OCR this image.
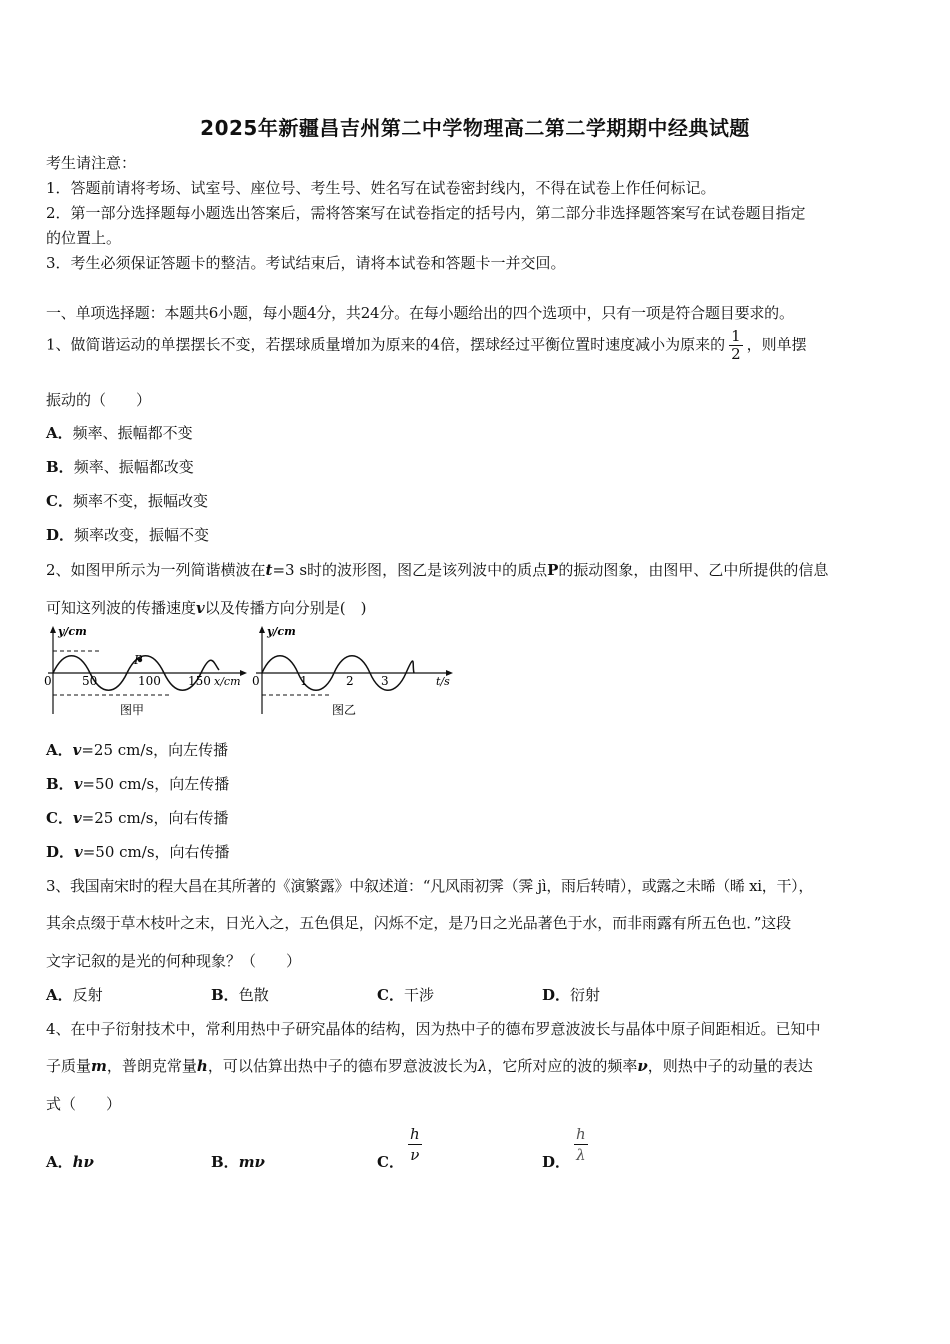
2025年新疆昌吉州第二中学物理高二第二学期期中经典试题
考生请注意：
1．答题前请将考场、试室号、座位号、考生号、姓名写在试卷密封线内，不得在试卷上作任何标记。
2．第一部分选择题每小题选出答案后，需将答案写在试卷指定的括号内，第二部分非选择题答案写在试卷题目指定
的位置上。
3．考生必须保证答题卡的整洁。考试结束后，请将本试卷和答题卡一并交回。
一、单项选择题：本题共6小题，每小题4分，共24分。在每小题给出的四个选项中，只有一项是符合题目要求的。
1、做简谐运动的单摆摆长不变，若摆球质量增加为原来的4倍，摆球经过平衡位置时速度减小为原来的 $\frac{1}{2}$ ，则单摆
振动的（　　）
A．频率、振幅都不变
B．频率、振幅都改变
C．频率不变，振幅改变
D．频率改变，振幅不变
2、如图甲所示为一列简谐横波在t=3 s时的波形图，图乙是该列波中的质点P的振动图象，由图甲、乙中所提供的信息
可知这列波的传播速度v以及传播方向分别是(　)
y/cm
0	50	100 150 x/cm
P
图甲
y/cm
0	1	2 3	t/s
图乙
A．v=25 cm/s，向左传播
B．v=50 cm/s，向左传播
C．v=25 cm/s，向右传播
D．v=50 cm/s，向右传播
3、我国南宋时的程大昌在其所著的《演繁露》中叙述道：“凡风雨初霁（霁 jì，雨后转晴），或露之未晞（晞 xi，干），
其余点缀于草木枝叶之末，日光入之，五色俱足，闪烁不定，是乃日之光品著色于水，而非雨露有所五色也．”这段
文字记叙的是光的何种现象？（　　）
A．反射	B．色散	C．干涉	D．衍射
4、在中子衍射技术中，常利用热中子研究晶体的结构，因为热中子的德布罗意波波长与晶体中原子间距相近。已知中
子质量m，普朗克常量h，可以估算出热中子的德布罗意波波长为λ，它所对应的波的频率ν，则热中子的动量的表达
式（　　）
A．hν	B．mν	C． $\frac{h}{\nu}$	D． $\frac{h}{\lambda}$
